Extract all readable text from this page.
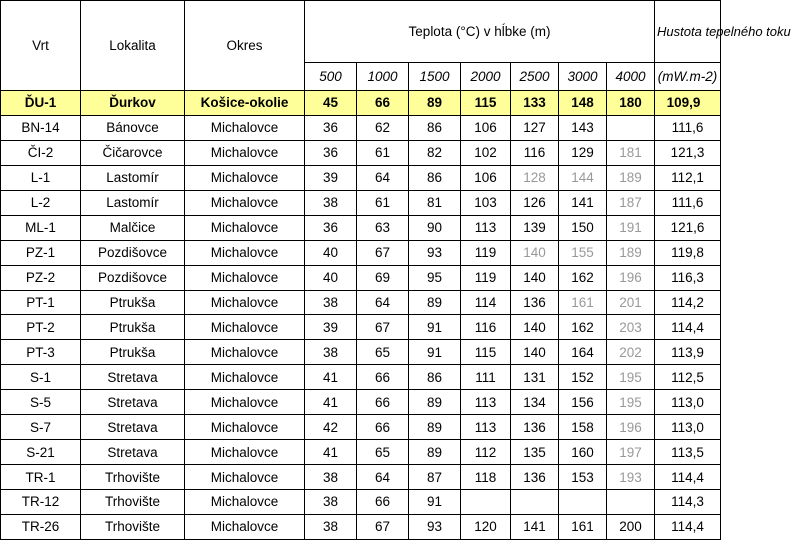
Vrt	Lokalita	Okres	Teplota (°C) v hĺbke (m)							Hustota tepelného toku
			500	1000	1500	2000	2500	3000	4000	(mW.m-2)
ĎU-1	Ďurkov	Košice-okolie	45	66	89	115	133	148	180	109,9
BN-14	Bánovce	Michalovce	36	62	86	106	127	143		111,6
ČI-2	Čičarovce	Michalovce	36	61	82	102	116	129	181	121,3
L-1	Lastomír	Michalovce	39	64	86	106	128	144	189	112,1
L-2	Lastomír	Michalovce	38	61	81	103	126	141	187	111,6
ML-1	Malčice	Michalovce	36	63	90	113	139	150	191	121,6
PZ-1	Pozdišovce	Michalovce	40	67	93	119	140	155	189	119,8
PZ-2	Pozdišovce	Michalovce	40	69	95	119	140	162	196	116,3
PT-1	Ptrukša	Michalovce	38	64	89	114	136	161	201	114,2
PT-2	Ptrukša	Michalovce	39	67	91	116	140	162	203	114,4
PT-3	Ptrukša	Michalovce	38	65	91	115	140	164	202	113,9
S-1	Stretava	Michalovce	41	66	86	111	131	152	195	112,5
S-5	Stretava	Michalovce	41	66	89	113	134	156	195	113,0
S-7	Stretava	Michalovce	42	66	89	113	136	158	196	113,0
S-21	Stretava	Michalovce	41	65	89	112	135	160	197	113,5
TR-1	Trhovište	Michalovce	38	64	87	118	136	153	193	114,4
TR-12	Trhovište	Michalovce	38	66	91					114,3
TR-26	Trhovište	Michalovce	38	67	93	120	141	161	200	114,4
